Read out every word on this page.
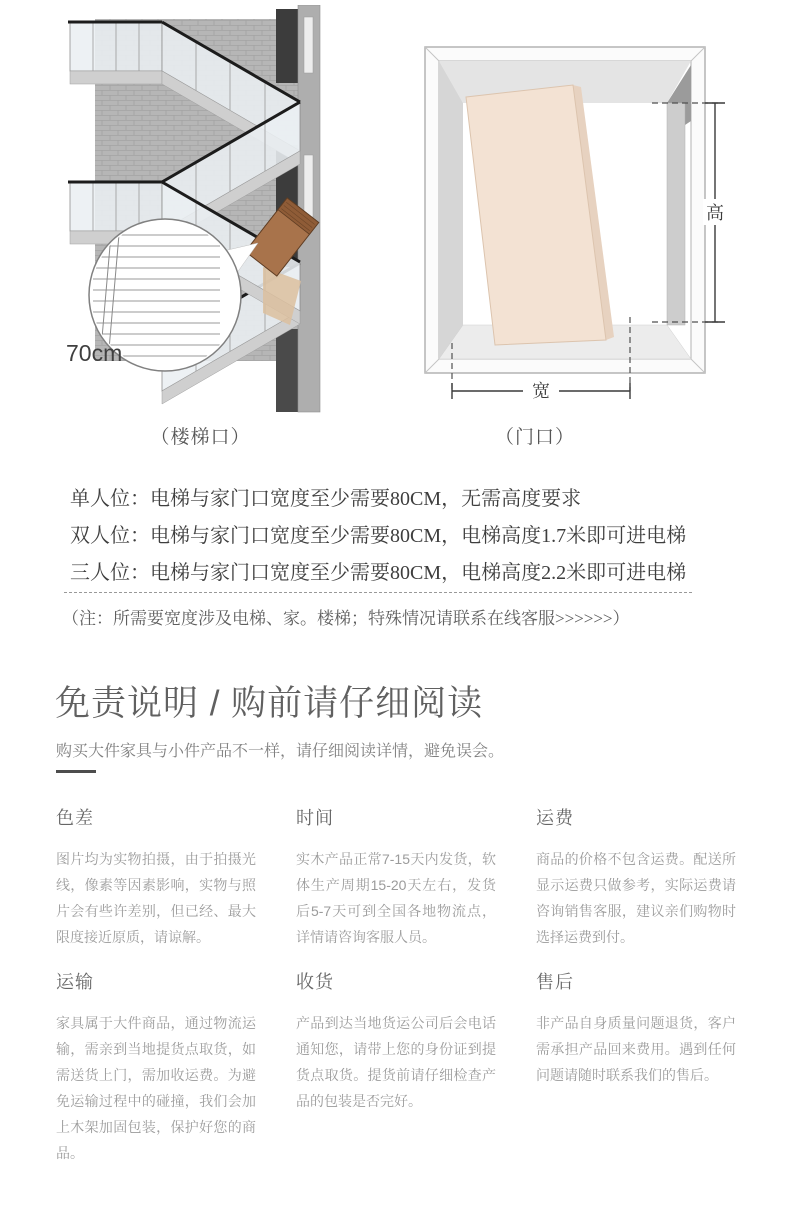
70cm
（楼梯口）
高
宽
（门口）
单人位：电梯与家门口宽度至少需要80CM，无需高度要求
双人位：电梯与家门口宽度至少需要80CM，电梯高度1.7米即可进电梯
三人位：电梯与家门口宽度至少需要80CM，电梯高度2.2米即可进电梯
（注：所需要宽度涉及电梯、家。楼梯；特殊情况请联系在线客服>>>>>>）
免责说明 / 购前请仔细阅读
购买大件家具与小件产品不一样，请仔细阅读详情，避免误会。
色差

图片均为实物拍摄，由于拍摄光线，像素等因素影响，实物与照片会有些许差别，但已经、最大限度接近原质，请谅解。

时间

实木产品正常7-15天内发货，软体生产周期15-20天左右，发货后5-7天可到全国各地物流点，详情请咨询客服人员。

运费

商品的价格不包含运费。配送所显示运费只做参考，实际运费请咨询销售客服，建议亲们购物时选择运费到付。

运输

家具属于大件商品，通过物流运输，需亲到当地提货点取货，如需送货上门，需加收运费。为避免运输过程中的碰撞，我们会加上木架加固包装，保护好您的商品。

收货

产品到达当地货运公司后会电话通知您，请带上您的身份证到提货点取货。提货前请仔细检查产品的包装是否完好。

售后

非产品自身质量问题退货，客户需承担产品回来费用。遇到任何问题请随时联系我们的售后。
